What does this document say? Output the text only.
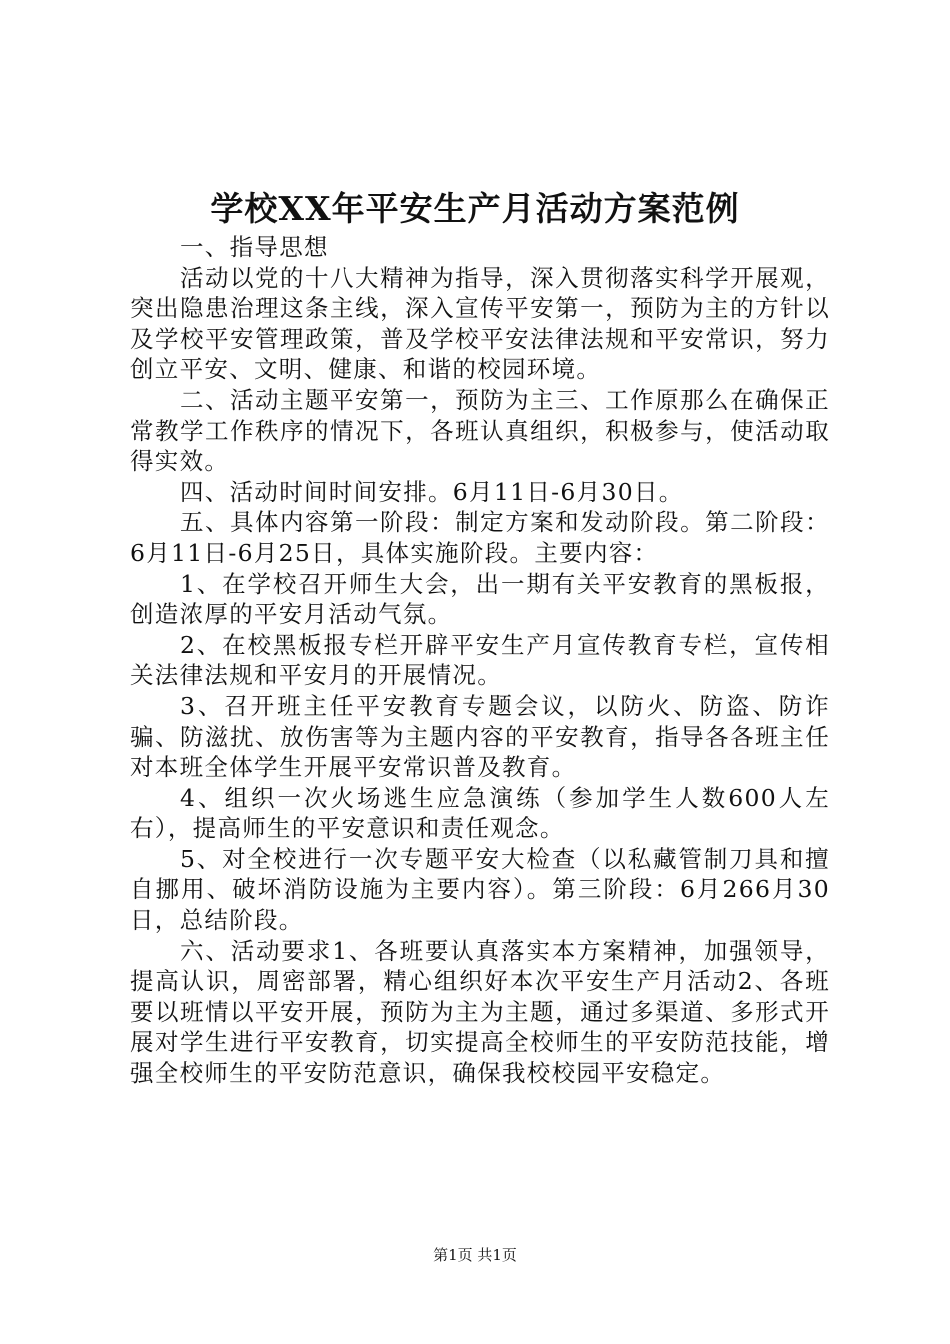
学校XX年平安生产月活动方案范例

一、指导思想

活动以党的十八大精神为指导，深入贯彻落实科学开展观，突出隐患治理这条主线，深入宣传平安第一，预防为主的方针以及学校平安管理政策，普及学校平安法律法规和平安常识，努力创立平安、文明、健康、和谐的校园环境。

二、活动主题平安第一，预防为主三、工作原那么在确保正常教学工作秩序的情况下，各班认真组织，积极参与，使活动取得实效。

四、活动时间时间安排。6月11日-6月30日。

五、具体内容第一阶段：制定方案和发动阶段。第二阶段：6月11日-6月25日，具体实施阶段。主要内容：

1、在学校召开师生大会，出一期有关平安教育的黑板报，创造浓厚的平安月活动气氛。

2、在校黑板报专栏开辟平安生产月宣传教育专栏，宣传相关法律法规和平安月的开展情况。

3、召开班主任平安教育专题会议，以防火、防盗、防诈骗、防滋扰、放伤害等为主题内容的平安教育，指导各各班主任对本班全体学生开展平安常识普及教育。

4、组织一次火场逃生应急演练（参加学生人数600人左右），提高师生的平安意识和责任观念。

5、对全校进行一次专题平安大检查（以私藏管制刀具和擅自挪用、破坏消防设施为主要内容）。第三阶段：6月266月30日，总结阶段。

六、活动要求1、各班要认真落实本方案精神，加强领导，提高认识，周密部署，精心组织好本次平安生产月活动2、各班要以班情以平安开展，预防为主为主题，通过多渠道、多形式开展对学生进行平安教育，切实提高全校师生的平安防范技能，增强全校师生的平安防范意识，确保我校校园平安稳定。

第1页 共1页
